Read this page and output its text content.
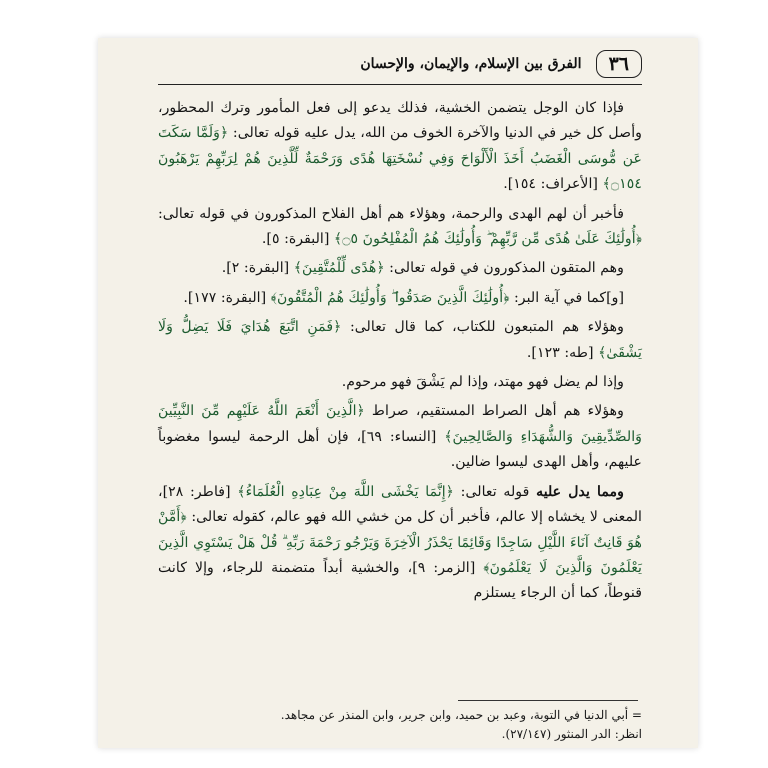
٣٦
الفرق بين الإسلام، والإيمان، والإحسان

فإذا كان الوجل يتضمن الخشية، فذلك يدعو إلى فعل المأمور وترك المحظور، وأصل كل خير في الدنيا والآخرة الخوف من الله، يدل عليه قوله تعالى: ﴿وَلَمَّا سَكَتَ عَن مُّوسَى الْغَضَبُ أَخَذَ الْأَلْوَاحَ وَفِي نُسْخَتِهَا هُدًى وَرَحْمَةٌ لِّلَّذِينَ هُمْ لِرَبِّهِمْ يَرْهَبُونَ ۝١٥٤﴾ [الأعراف: ١٥٤].

فأخبر أن لهم الهدى والرحمة، وهؤلاء هم أهل الفلاح المذكورون في قوله تعالى: ﴿أُولَٰئِكَ عَلَىٰ هُدًى مِّن رَّبِّهِمْ ۖ وَأُولَٰئِكَ هُمُ الْمُفْلِحُونَ ۝٥﴾ [البقرة: ٥].

وهم المتقون المذكورون في قوله تعالى: ﴿هُدًى لِّلْمُتَّقِينَ﴾ [البقرة: ٢].

[و]كما في آية البر: ﴿أُولَٰئِكَ الَّذِينَ صَدَقُوا ۖ وَأُولَٰئِكَ هُمُ الْمُتَّقُونَ﴾ [البقرة: ١٧٧].

وهؤلاء هم المتبعون للكتاب، كما قال تعالى: ﴿فَمَنِ اتَّبَعَ هُدَايَ فَلَا يَضِلُّ وَلَا يَشْقَىٰ﴾ [طه: ١٢٣].

وإذا لم يضل فهو مهتد، وإذا لم يَشْقَ فهو مرحوم.

وهؤلاء هم أهل الصراط المستقيم، صراط ﴿الَّذِينَ أَنْعَمَ اللَّهُ عَلَيْهِم مِّنَ النَّبِيِّينَ وَالصِّدِّيقِينَ وَالشُّهَدَاءِ وَالصَّالِحِينَ﴾ [النساء: ٦٩]، فإن أهل الرحمة ليسوا مغضوباً عليهم، وأهل الهدى ليسوا ضالين.

ومما يدل عليه قوله تعالى: ﴿إِنَّمَا يَخْشَى اللَّهَ مِنْ عِبَادِهِ الْعُلَمَاءُ﴾ [فاطر: ٢٨]، المعنى لا يخشاه إلا عالم، فأخبر أن كل من خشي الله فهو عالم، كقوله تعالى: ﴿أَمَّنْ هُوَ قَانِتٌ آنَاءَ اللَّيْلِ سَاجِدًا وَقَائِمًا يَحْذَرُ الْآخِرَةَ وَيَرْجُو رَحْمَةَ رَبِّهِ ۗ قُلْ هَلْ يَسْتَوِي الَّذِينَ يَعْلَمُونَ وَالَّذِينَ لَا يَعْلَمُونَ﴾ [الزمر: ٩]، والخشية أبداً متضمنة للرجاء، وإلا كانت قنوطاً، كما أن الرجاء يستلزم

= أبي الدنيا في التوبة، وعبد بن حميد، وابن جرير، وابن المنذر عن مجاهد.

انظر: الدر المنثور (٢٧/١٤٧).
